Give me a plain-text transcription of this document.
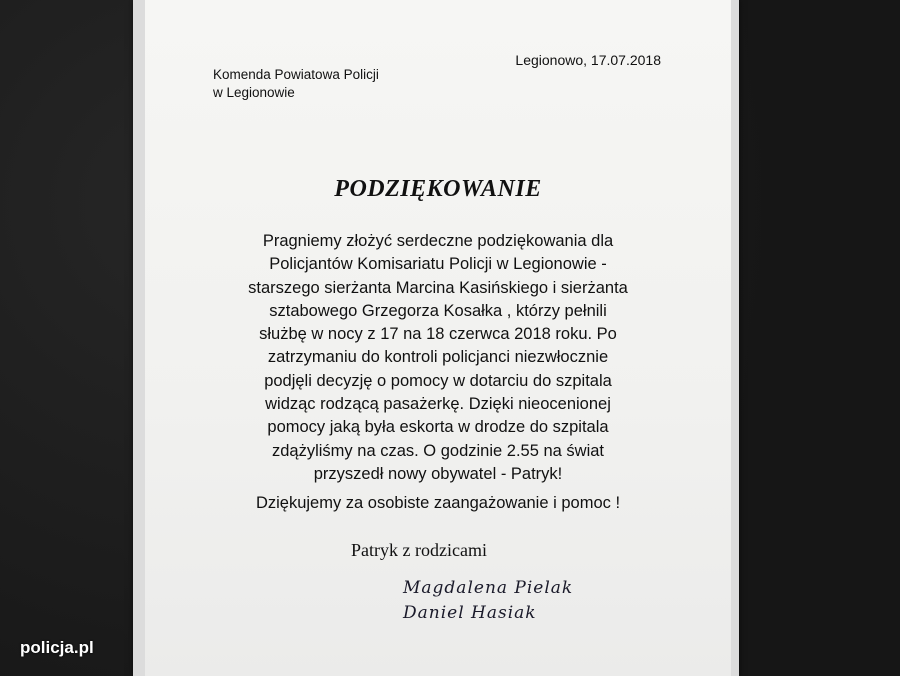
Legionowo, 17.07.2018
Komenda Powiatowa Policji
w Legionowie
PODZIĘKOWANIE
Pragniemy złożyć serdeczne podziękowania dla
Policjantów Komisariatu Policji w Legionowie -
starszego sierżanta Marcina Kasińskiego i sierżanta
sztabowego Grzegorza Kosałka , którzy pełnili
służbę w nocy z 17 na 18 czerwca 2018 roku. Po
zatrzymaniu do kontroli policjanci niezwłocznie
podjęli decyzję o pomocy w dotarciu do szpitala
widząc rodzącą pasażerkę. Dzięki nieocenionej
pomocy jaką była eskorta w drodze do szpitala
zdążyliśmy na czas. O godzinie 2.55 na świat
przyszedł nowy obywatel - Patryk!
Dziękujemy za osobiste zaangażowanie i pomoc !
Patryk z rodzicami
Magdalena Pielak
Daniel Hasiak
policja.pl
